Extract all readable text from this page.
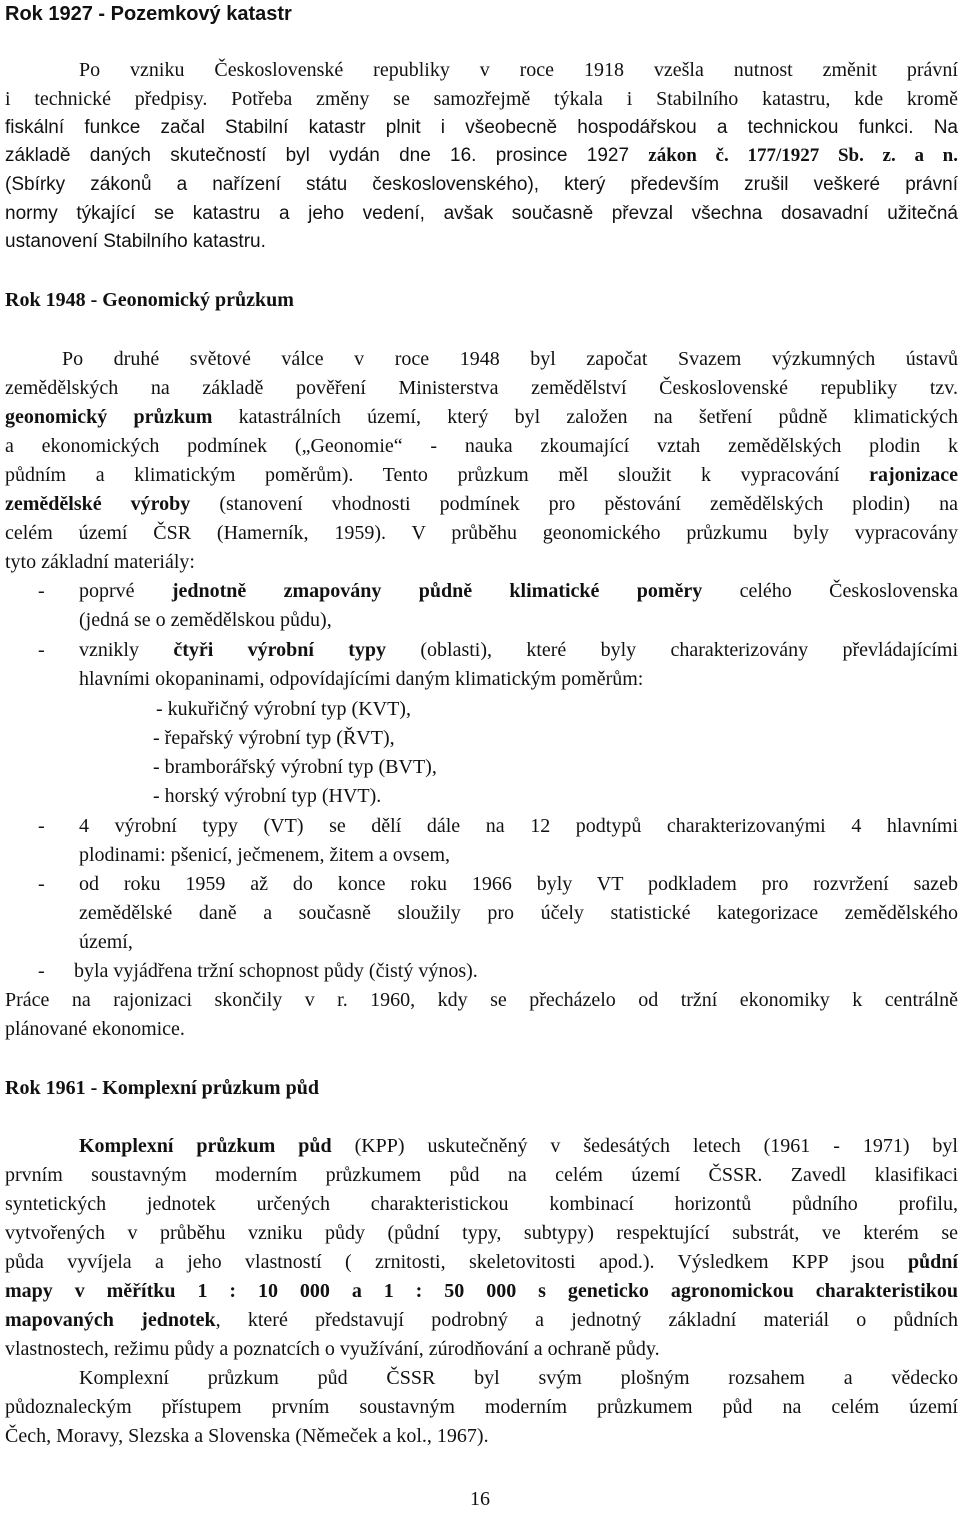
Rok 1927 - Pozemkový katastr
Po vzniku Československé republiky v roce 1918 vzešla nutnost změnit právní
i technické předpisy. Potřeba změny se samozřejmě týkala i Stabilního katastru, kde kromě
fiskální funkce začal Stabilní katastr plnit i všeobecně hospodářskou a technickou funkci. Na
základě daných skutečností byl vydán dne 16. prosince 1927 zákon č. 177/1927 Sb. z. a n.
(Sbírky zákonů a nařízení státu československého), který především zrušil veškeré právní
normy týkající se katastru a jeho vedení, avšak současně převzal všechna dosavadní užitečná
ustanovení Stabilního katastru.
Rok 1948 - Geonomický průzkum
Po druhé světové válce v roce 1948 byl započat Svazem výzkumných ústavů
zemědělských na základě pověření Ministerstva zemědělství Československé republiky tzv.
geonomický průzkum katastrálních území, který byl založen na šetření půdně klimatických
a ekonomických podmínek („Geonomie“ - nauka zkoumající vztah zemědělských plodin k
půdním a klimatickým poměrům). Tento průzkum měl sloužit k vypracování rajonizace
zemědělské výroby (stanovení vhodnosti podmínek pro pěstování zemědělských plodin) na
celém území ČSR (Hamerník, 1959). V průběhu geonomického průzkumu byly vypracovány
tyto základní materiály:
- poprvé jednotně zmapovány půdně klimatické poměry celého Československa
(jedná se o zemědělskou půdu),
- vznikly čtyři výrobní typy (oblasti), které byly charakterizovány převládajícími
hlavními okopaninami, odpovídajícími daným klimatickým poměrům:
- kukuřičný výrobní typ (KVT),
- řepařský výrobní typ (ŘVT),
- bramborářský výrobní typ (BVT),
- horský výrobní typ (HVT).
- 4 výrobní typy (VT) se dělí dále na 12 podtypů charakterizovanými 4 hlavními
plodinami: pšenicí, ječmenem, žitem a ovsem,
- od roku 1959 až do konce roku 1966 byly VT podkladem pro rozvržení sazeb
zemědělské daně a současně sloužily pro účely statistické kategorizace zemědělského
území,
- byla vyjádřena tržní schopnost půdy (čistý výnos).
Práce na rajonizaci skončily v r. 1960, kdy se přecházelo od tržní ekonomiky k centrálně
plánované ekonomice.
Rok 1961 - Komplexní průzkum půd
Komplexní průzkum půd (KPP) uskutečněný v šedesátých letech (1961 - 1971) byl
prvním soustavným moderním průzkumem půd na celém území ČSSR. Zavedl klasifikaci
syntetických jednotek určených charakteristickou kombinací horizontů půdního profilu,
vytvořených v průběhu vzniku půdy (půdní typy, subtypy) respektující substrát, ve kterém se
půda vyvíjela a jeho vlastností ( zrnitosti, skeletovitosti apod.). Výsledkem KPP jsou půdní
mapy v měřítku 1 : 10 000 a 1 : 50 000 s geneticko agronomickou charakteristikou
mapovaných jednotek, které představují podrobný a jednotný základní materiál o půdních
vlastnostech, režimu půdy a poznatcích o využívání, zúrodňování a ochraně půdy.
Komplexní průzkum půd ČSSR byl svým plošným rozsahem a vědecko
půdoznaleckým přístupem prvním soustavným moderním průzkumem půd na celém území
Čech, Moravy, Slezska a Slovenska (Němeček a kol., 1967).
16
